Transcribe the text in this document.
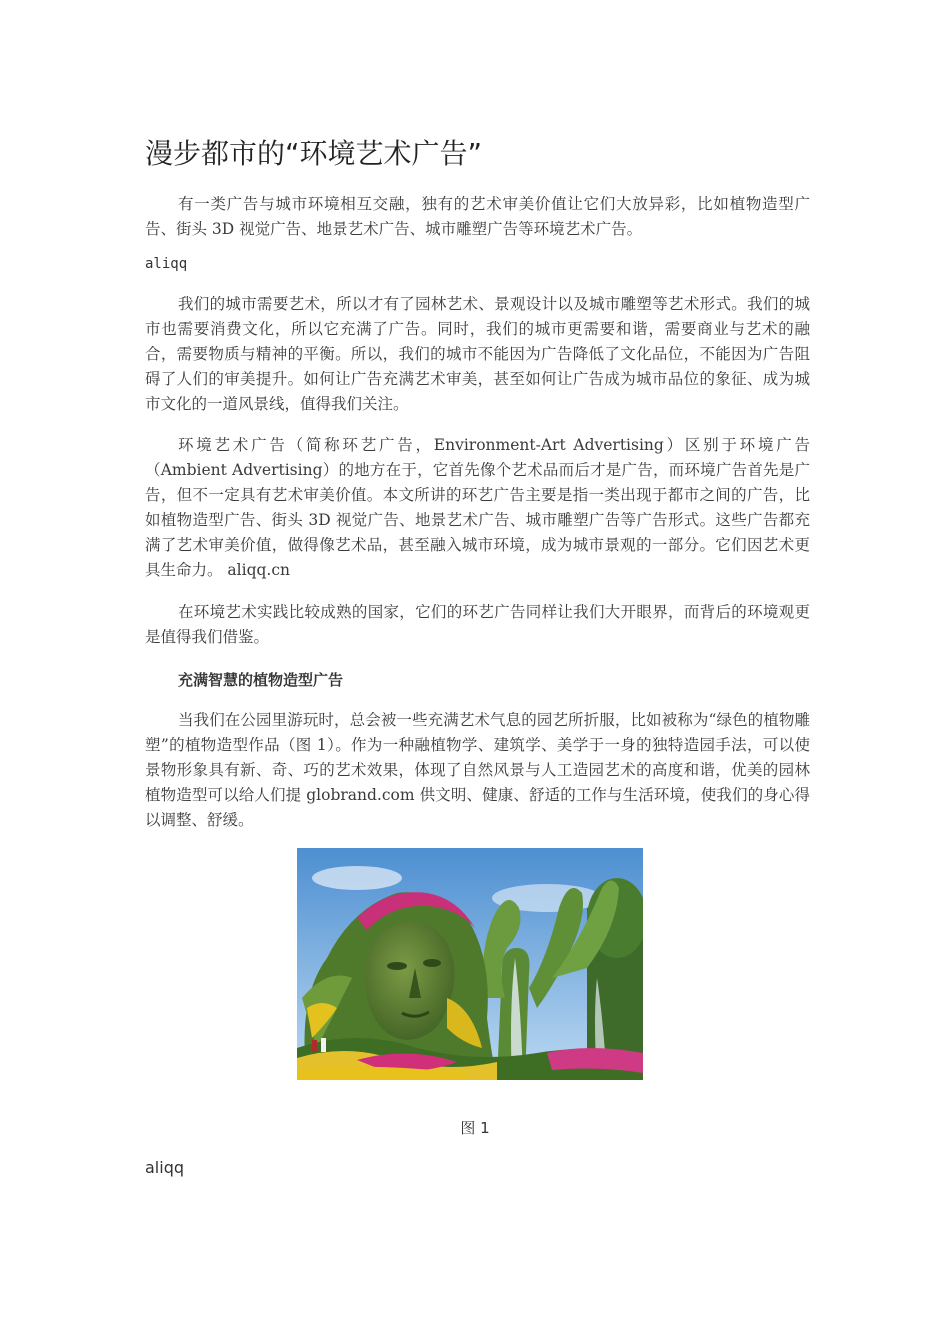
漫步都市的“环境艺术广告”

有一类广告与城市环境相互交融，独有的艺术审美价值让它们大放异彩，比如植物造型广告、街头 3D 视觉广告、地景艺术广告、城市雕塑广告等环境艺术广告。

aliqq

我们的城市需要艺术，所以才有了园林艺术、景观设计以及城市雕塑等艺术形式。我们的城市也需要消费文化，所以它充满了广告。同时，我们的城市更需要和谐，需要商业与艺术的融合，需要物质与精神的平衡。所以，我们的城市不能因为广告降低了文化品位，不能因为广告阻碍了人们的审美提升。如何让广告充满艺术审美，甚至如何让广告成为城市品位的象征、成为城市文化的一道风景线，值得我们关注。

环境艺术广告（简称环艺广告，Environment-Art Advertising）区别于环境广告（Ambient Advertising）的地方在于，它首先像个艺术品而后才是广告，而环境广告首先是广告，但不一定具有艺术审美价值。本文所讲的环艺广告主要是指一类出现于都市之间的广告，比如植物造型广告、街头 3D 视觉广告、地景艺术广告、城市雕塑广告等广告形式。这些广告都充满了艺术审美价值，做得像艺术品，甚至融入城市环境，成为城市景观的一部分。它们因艺术更具生命力。 aliqq.cn

在环境艺术实践比较成熟的国家，它们的环艺广告同样让我们大开眼界，而背后的环境观更是值得我们借鉴。

充满智慧的植物造型广告

当我们在公园里游玩时，总会被一些充满艺术气息的园艺所折服，比如被称为“绿色的植物雕塑”的植物造型作品（图 1）。作为一种融植物学、建筑学、美学于一身的独特造园手法，可以使景物形象具有新、奇、巧的艺术效果，体现了自然风景与人工造园艺术的高度和谐，优美的园林植物造型可以给人们提 globrand.com 供文明、健康、舒适的工作与生活环境，使我们的身心得以调整、舒缓。

图 1

aliqq
